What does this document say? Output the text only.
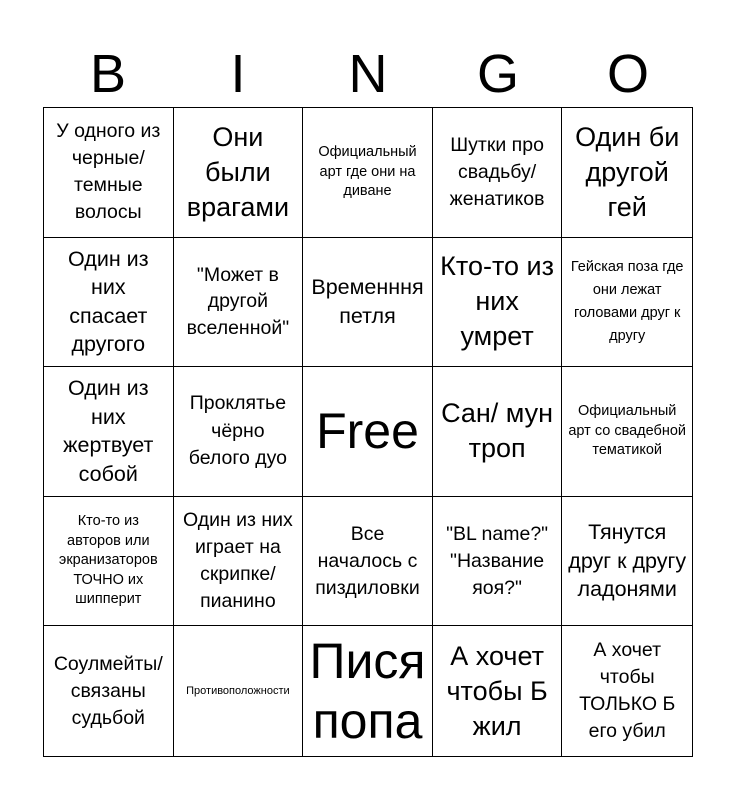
B	I	N	G	O
У одного из черные/ темные волосы
Они были врагами
Официальный арт где они на диване
Шутки про свадьбу/ женатиков
Один би другой гей
Один из них спасает другого
"Может в другой вселенной"
Временння петля
Кто-то из них умрет
Гейская поза где они лежат головами друг к другу
Один из них жертвует собой
Проклятье чёрно белого дуо Free Сан/ мун троп
Официальный арт со свадебной тематикой
Кто-то из авторов или экранизаторов ТОЧНО их шипперит
Один из них играет на скрипке/ пианино
Все началось с пиздиловки
"BL name?" "Название яоя?"
Тянутся друг к другу ладонями
Соулмейты/ связаны судьбой
Противоположности
Пися попа
А хочет чтобы Б жил
А хочет чтобы ТОЛЬКО Б его убил
